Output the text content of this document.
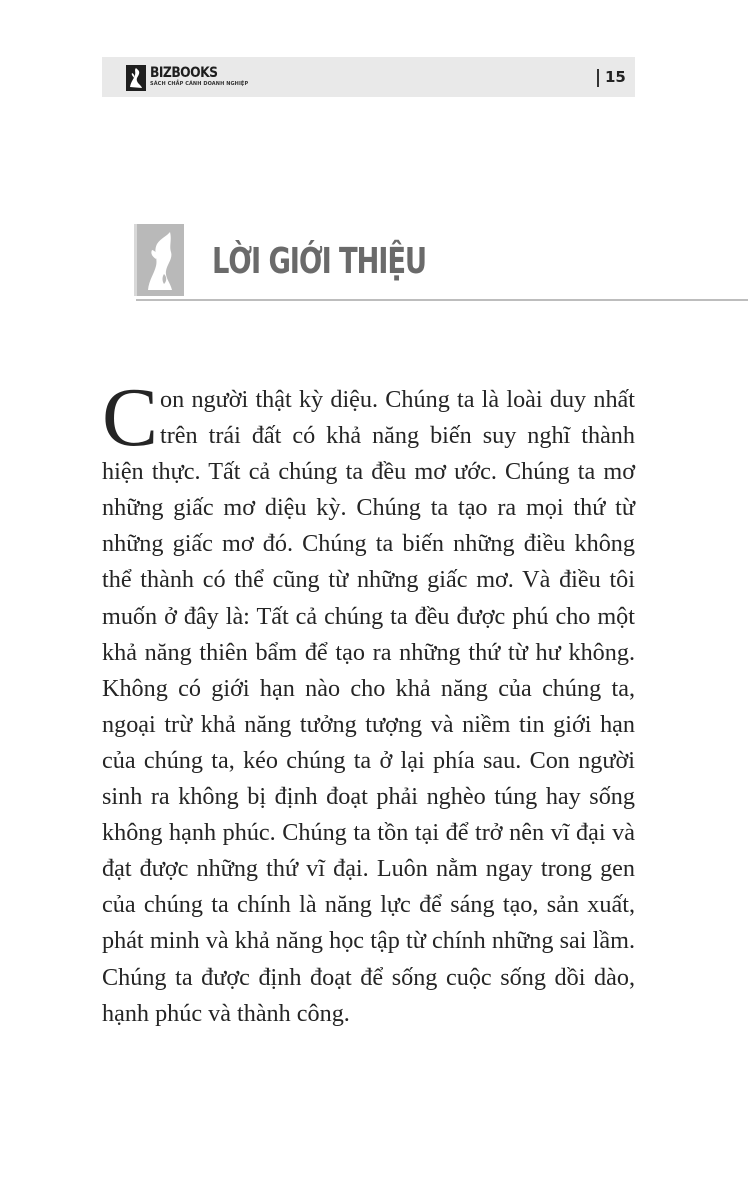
BIZBOOKS
SÁCH CHẮP CÁNH DOANH NGHIỆP	15
LỜI GIỚI THIỆU

Con người thật kỳ diệu. Chúng ta là loài duy nhất trên trái đất có khả năng biến suy nghĩ thành hiện thực. Tất cả chúng ta đều mơ ước. Chúng ta mơ những giấc mơ diệu kỳ. Chúng ta tạo ra mọi thứ từ những giấc mơ đó. Chúng ta biến những điều không thể thành có thể cũng từ những giấc mơ. Và điều tôi muốn ở đây là: Tất cả chúng ta đều được phú cho một khả năng thiên bẩm để tạo ra những thứ từ hư không. Không có giới hạn nào cho khả năng của chúng ta, ngoại trừ khả năng tưởng tượng và niềm tin giới hạn của chúng ta, kéo chúng ta ở lại phía sau. Con người sinh ra không bị định đoạt phải nghèo túng hay sống không hạnh phúc. Chúng ta tồn tại để trở nên vĩ đại và đạt được những thứ vĩ đại. Luôn nằm ngay trong gen của chúng ta chính là năng lực để sáng tạo, sản xuất, phát minh và khả năng học tập từ chính những sai lầm. Chúng ta được định đoạt để sống cuộc sống dồi dào, hạnh phúc và thành công.
